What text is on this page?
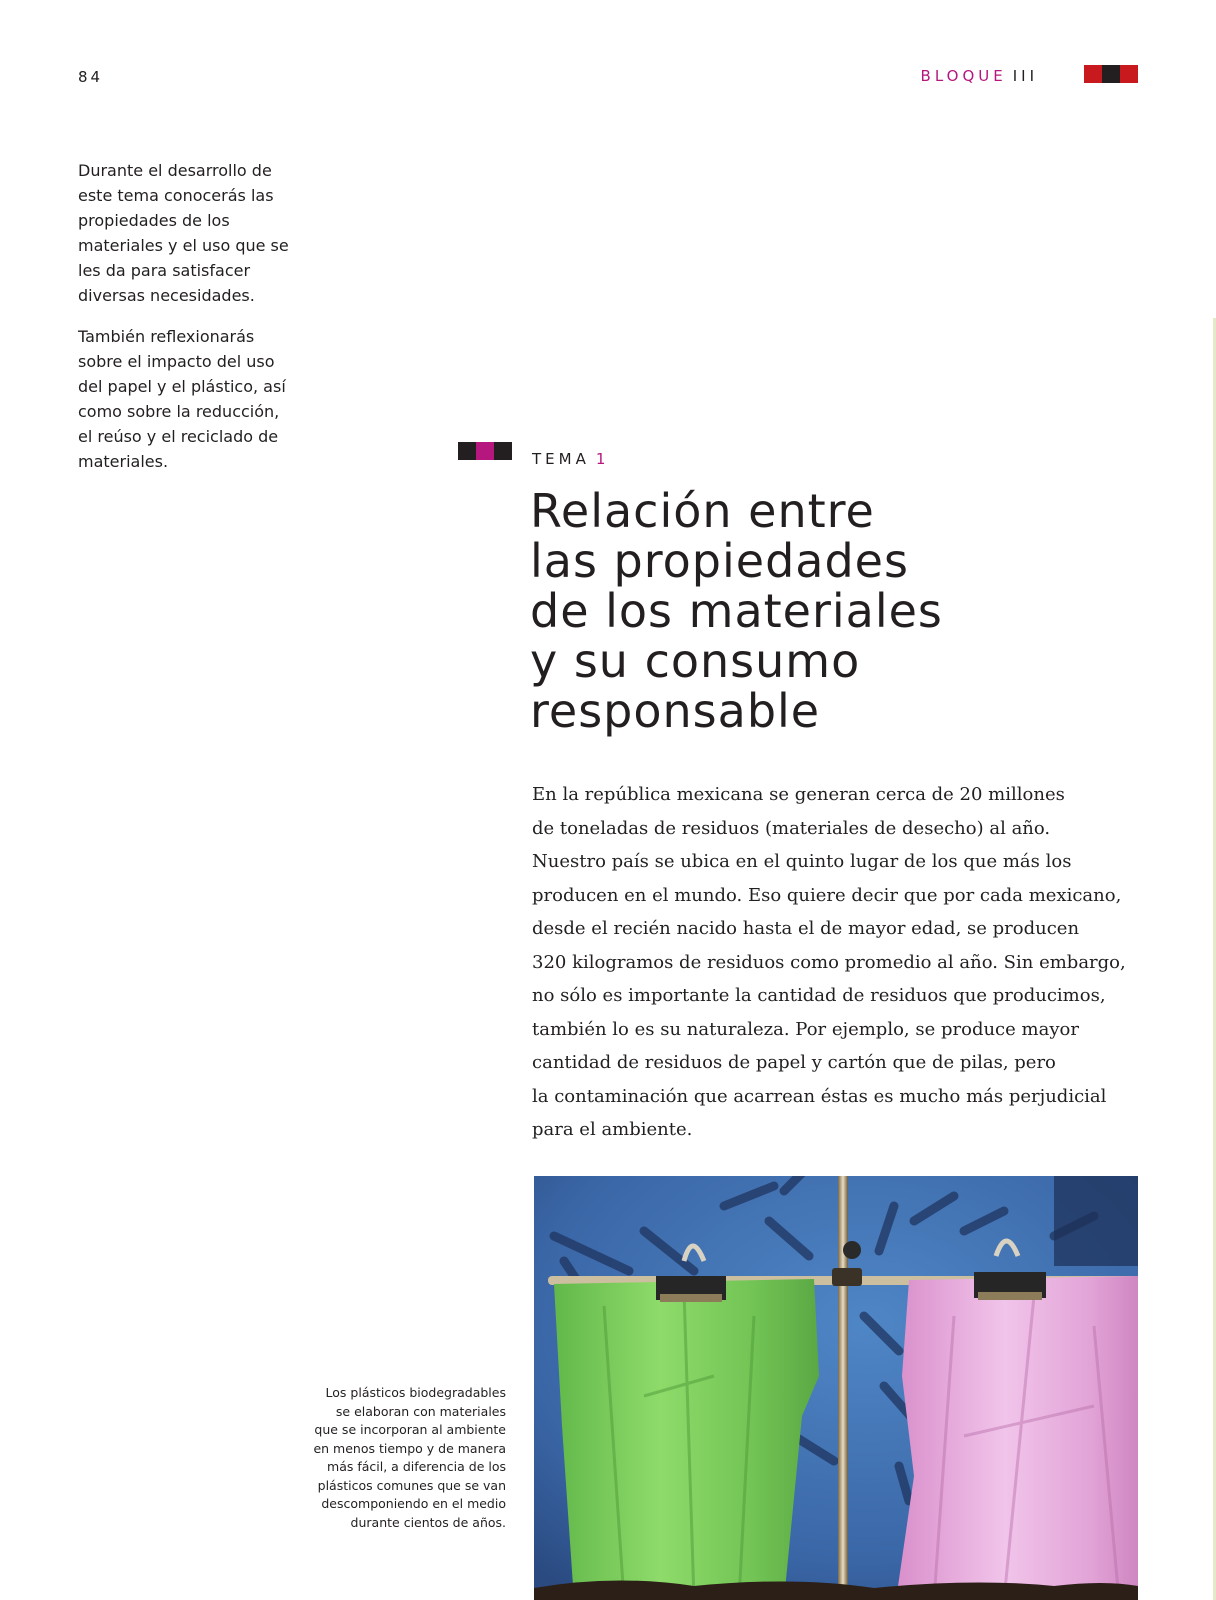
84	BLOQUE III

Durante el desarrollo de este tema conocerás las propiedades de los materiales y el uso que se les da para satisfacer diversas necesidades.

También reflexionarás sobre el impacto del uso del papel y el plástico, así como sobre la reducción, el reúso y el reciclado de materiales.	TEMA 1
Relación entre
las propiedades
de los materiales
y su consumo
responsable
En la república mexicana se generan cerca de 20 millones
de toneladas de residuos (materiales de desecho) al año.
Nuestro país se ubica en el quinto lugar de los que más los
producen en el mundo. Eso quiere decir que por cada mexicano,
desde el recién nacido hasta el de mayor edad, se producen
320 kilogramos de residuos como promedio al año. Sin embargo,
no sólo es importante la cantidad de residuos que producimos,
también lo es su naturaleza. Por ejemplo, se produce mayor
cantidad de residuos de papel y cartón que de pilas, pero
la contaminación que acarrean éstas es mucho más perjudicial
para el ambiente.
Los plásticos biodegradables
se elaboran con materiales
que se incorporan al ambiente
en menos tiempo y de manera
más fácil, a diferencia de los
plásticos comunes que se van
descomponiendo en el medio
durante cientos de años.
